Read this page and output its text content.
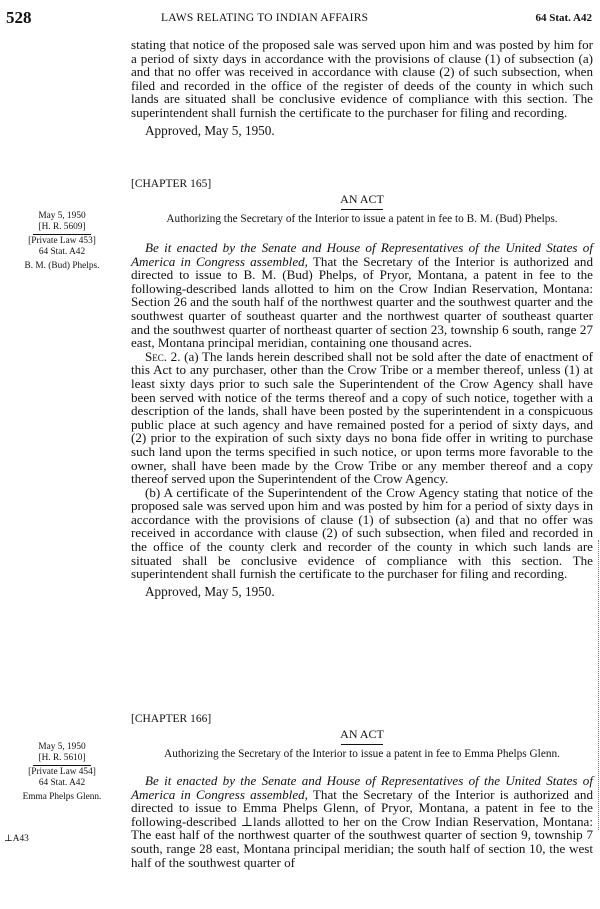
528	LAWS RELATING TO INDIAN AFFAIRS	64 Stat. A42

stating that notice of the proposed sale was served upon him and was posted by him for a period of sixty days in accordance with the provisions of clause (1) of subsection (a) and that no offer was received in accordance with clause (2) of such subsection, when filed and recorded in the office of the register of deeds of the county in which such lands are situated shall be conclusive evidence of compliance with this section. The superintendent shall furnish the certificate to the purchaser for filing and recording.

Approved, May 5, 1950.

[CHAPTER 165]
AN ACT
Authorizing the Secretary of the Interior to issue a patent in fee to B. M. (Bud) Phelps.
May 5, 1950
[H. R. 5609]
[Private Law 453]
64 Stat. A42
B. M. (Bud) Phelps.

Be it enacted by the Senate and House of Representatives of the United States of America in Congress assembled, That the Secretary of the Interior is authorized and directed to issue to B. M. (Bud) Phelps, of Pryor, Montana, a patent in fee to the following-described lands allotted to him on the Crow Indian Reservation, Montana: Section 26 and the south half of the northwest quarter and the southwest quarter and the southwest quarter of southeast quarter and the northwest quarter of southeast quarter and the southwest quarter of northeast quarter of section 23, township 6 south, range 27 east, Montana principal meridian, containing one thousand acres.

Sec. 2. (a) The lands herein described shall not be sold after the date of enactment of this Act to any purchaser, other than the Crow Tribe or a member thereof, unless (1) at least sixty days prior to such sale the Superintendent of the Crow Agency shall have been served with notice of the terms thereof and a copy of such notice, together with a description of the lands, shall have been posted by the superintendent in a conspicuous public place at such agency and have remained posted for a period of sixty days, and (2) prior to the expiration of such sixty days no bona fide offer in writing to purchase such land upon the terms specified in such notice, or upon terms more favorable to the owner, shall have been made by the Crow Tribe or any member thereof and a copy thereof served upon the Superintendent of the Crow Agency.

(b) A certificate of the Superintendent of the Crow Agency stating that notice of the proposed sale was served upon him and was posted by him for a period of sixty days in accordance with the provisions of clause (1) of subsection (a) and that no offer was received in accordance with clause (2) of such subsection, when filed and recorded in the office of the county clerk and recorder of the county in which such lands are situated shall be conclusive evidence of compliance with this section. The superintendent shall furnish the certificate to the purchaser for filing and recording.

Approved, May 5, 1950.

[CHAPTER 166]
AN ACT
Authorizing the Secretary of the Interior to issue a patent in fee to Emma Phelps Glenn.
May 5, 1950
[H. R. 5610]
[Private Law 454]
64 Stat. A42
Emma Phelps Glenn.
⊥A43

Be it enacted by the Senate and House of Representatives of the United States of America in Congress assembled, That the Secretary of the Interior is authorized and directed to issue to Emma Phelps Glenn, of Pryor, Montana, a patent in fee to the following-described ⊥lands allotted to her on the Crow Indian Reservation, Montana: The east half of the northwest quarter of the southwest quarter of section 9, township 7 south, range 28 east, Montana principal meridian; the south half of section 10, the west half of the southwest quarter of
